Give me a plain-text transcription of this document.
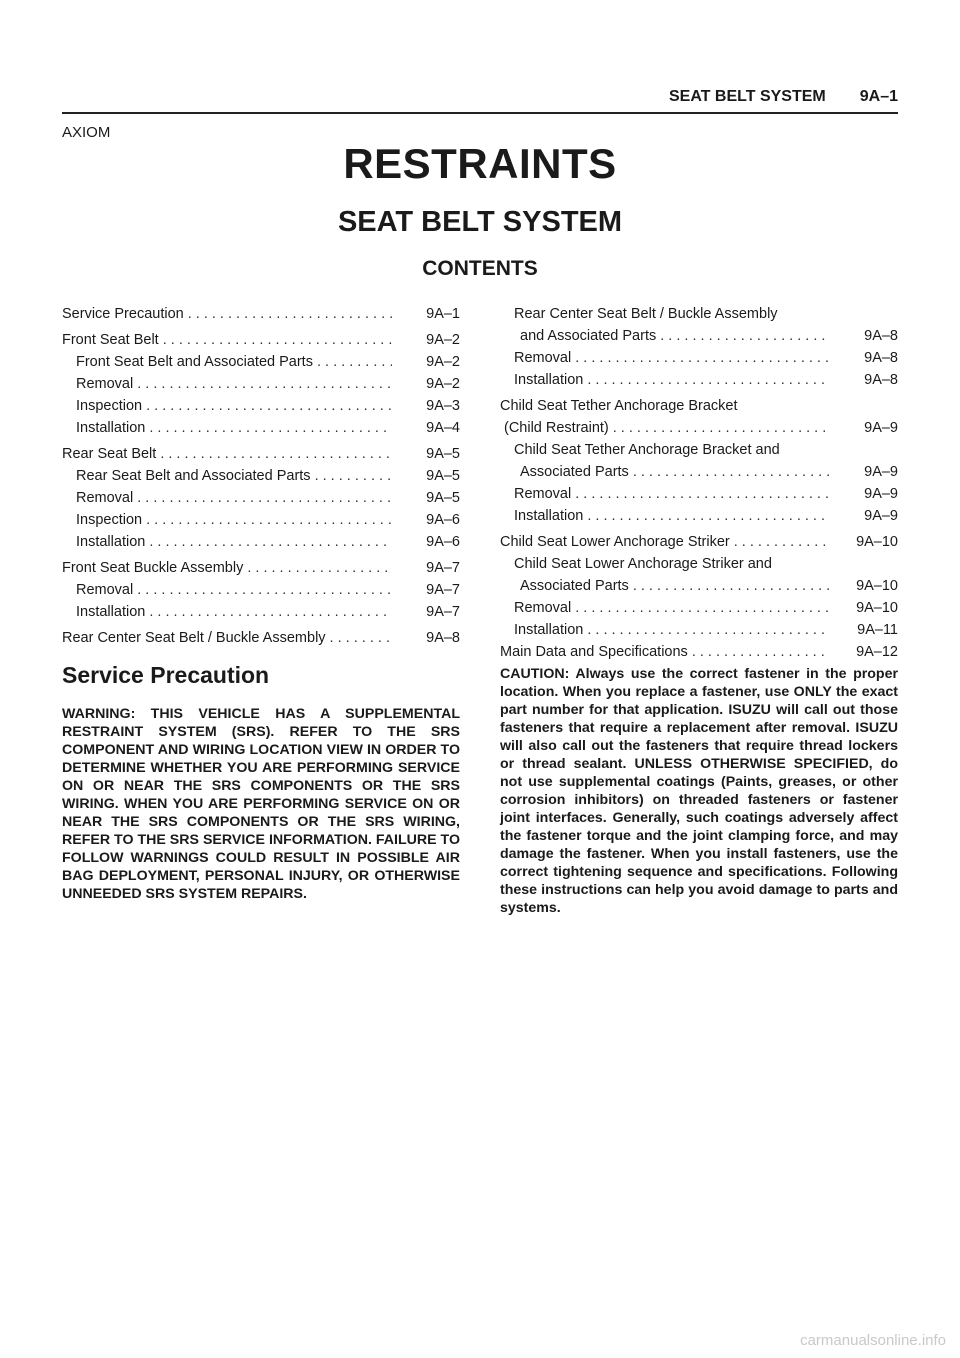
SEAT BELT SYSTEM 9A–1
AXIOM
RESTRAINTS
SEAT BELT SYSTEM
CONTENTS
Service Precaution . . .	9A–1
Front Seat Belt . . .	9A–2
Front Seat Belt and Associated Parts . . .	9A–2
Removal . . .	9A–2
Inspection . . .	9A–3
Installation . . .	9A–4
Rear Seat Belt . . .	9A–5
Rear Seat Belt and Associated Parts . . .	9A–5
Removal . . .	9A–5
Inspection . . .	9A–6
Installation . . .	9A–6
Front Seat Buckle Assembly . . .	9A–7
Removal . . .	9A–7
Installation . . .	9A–7
Rear Center Seat Belt / Buckle Assembly . . .	9A–8
Rear Center Seat Belt / Buckle Assembly
and Associated Parts . . .	9A–8
Removal . . .	9A–8
Installation . . .	9A–8
Child Seat Tether Anchorage Bracket
(Child Restraint) . . .	9A–9
Child Seat Tether Anchorage Bracket and
Associated Parts . . .	9A–9
Removal . . .	9A–9
Installation . . .	9A–9
Child Seat Lower Anchorage Striker . . .	9A–10
Child Seat Lower Anchorage Striker and
Associated Parts . . .	9A–10
Removal . . .	9A–10
Installation . . .	9A–11
Main Data and Specifications . . .	9A–12
Service Precaution
WARNING: THIS VEHICLE HAS A SUPPLEMENTAL RESTRAINT SYSTEM (SRS). REFER TO THE SRS COMPONENT AND WIRING LOCATION VIEW IN ORDER TO DETERMINE WHETHER YOU ARE PERFORMING SERVICE ON OR NEAR THE SRS COMPONENTS OR THE SRS WIRING. WHEN YOU ARE PERFORMING SERVICE ON OR NEAR THE SRS COMPONENTS OR THE SRS WIRING, REFER TO THE SRS SERVICE INFORMATION. FAILURE TO FOLLOW WARNINGS COULD RESULT IN POSSIBLE AIR BAG DEPLOYMENT, PERSONAL INJURY, OR OTHERWISE UNNEEDED SRS SYSTEM REPAIRS.
CAUTION: Always use the correct fastener in the proper location. When you replace a fastener, use ONLY the exact part number for that application. ISUZU will call out those fasteners that require a replacement after removal. ISUZU will also call out the fasteners that require thread lockers or thread sealant. UNLESS OTHERWISE SPECIFIED, do not use supplemental coatings (Paints, greases, or other corrosion inhibitors) on threaded fasteners or fastener joint interfaces. Generally, such coatings adversely affect the fastener torque and the joint clamping force, and may damage the fastener. When you install fasteners, use the correct tightening sequence and specifications. Following these instructions can help you avoid damage to parts and systems.
carmanualsonline.info
